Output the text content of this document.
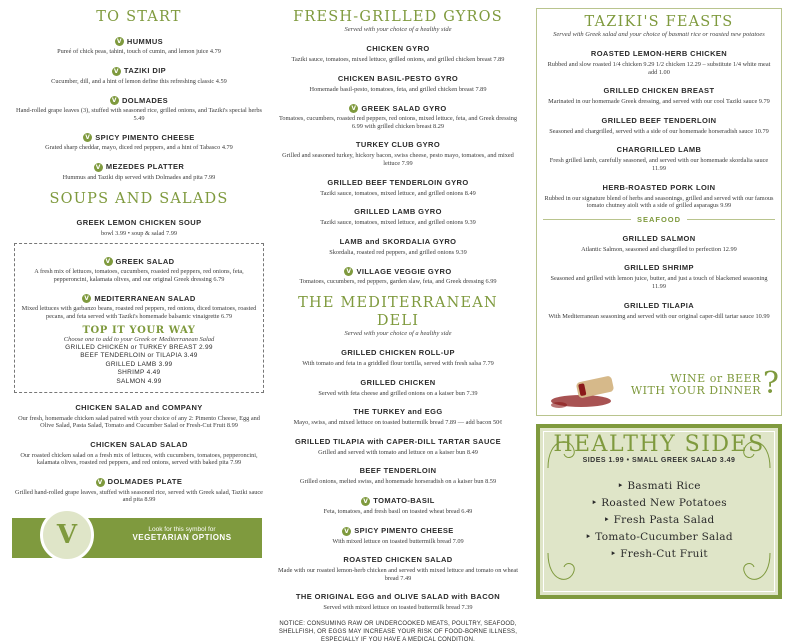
TO START
V HUMMUS
Pureé of chick peas, tahini, touch of cumin, and lemon juice 4.79
V TAZIKI DIP
Cucumber, dill, and a hint of lemon define this refreshing classic 4.59
V DOLMADES
Hand-rolled grape leaves (3), stuffed with seasoned rice, grilled onions, and Taziki's special herbs 5.49
V SPICY PIMENTO CHEESE
Grated sharp cheddar, mayo, diced red peppers, and a hint of Tabasco 4.79
V MEZEDES PLATTER
Hummus and Taziki dip served with Dolmades and pita 7.99
SOUPS AND SALADS
GREEK LEMON CHICKEN SOUP
bowl 3.99 • soup & salad 7.99
V GREEK SALAD
A fresh mix of lettuces, tomatoes, cucumbers, roasted red peppers, red onions, feta, pepperoncini, kalamata olives, and our original Greek dressing 6.79
V MEDITERRANEAN SALAD
Mixed lettuces with garbanzo beans, roasted red peppers, red onions, diced tomatoes, roasted pecans, and feta served with Taziki's homemade balsamic vinaigrette 6.79
TOP IT YOUR WAY
Choose one to add to your Greek or Mediterranean Salad
GRILLED CHICKEN or TURKEY BREAST 2.99
BEEF TENDERLOIN or TILAPIA 3.49
GRILLED LAMB 3.99
SHRIMP 4.49
SALMON 4.99
CHICKEN SALAD and COMPANY
Our fresh, homemade chicken salad paired with your choice of any 2: Pimento Cheese, Egg and Olive Salad, Pasta Salad, Tomato and Cucumber Salad or Fresh-Cut Fruit 8.99
CHICKEN SALAD SALAD
Our roasted chicken salad on a fresh mix of lettuces, with cucumbers, tomatoes, pepperoncini, kalamata olives, roasted red peppers, and red onions, served with baked pita 7.99
V DOLMADES PLATE
Grilled hand-rolled grape leaves, stuffed with seasoned rice, served with Greek salad, Taziki sauce and pita 8.99
V	Look for this symbol for
VEGETARIAN OPTIONS
FRESH-GRILLED GYROS
Served with your choice of a healthy side
CHICKEN GYRO
Taziki sauce, tomatoes, mixed lettuce, grilled onions, and grilled chicken breast 7.89
CHICKEN BASIL-PESTO GYRO
Homemade basil-pesto, tomatoes, feta, and grilled chicken breast 7.89
V GREEK SALAD GYRO
Tomatoes, cucumbers, roasted red peppers, red onions, mixed lettuce, feta, and Greek dressing 6.99 with grilled chicken breast 8.29
TURKEY CLUB GYRO
Grilled and seasoned turkey, hickory bacon, swiss cheese, pesto mayo, tomatoes, and mixed lettuce 7.99
GRILLED BEEF TENDERLOIN GYRO
Taziki sauce, tomatoes, mixed lettuce, and grilled onions 8.49
GRILLED LAMB GYRO
Taziki sauce, tomatoes, mixed lettuce, and grilled onions 9.39
LAMB and SKORDALIA GYRO
Skordalia, roasted red peppers, and grilled onions 9.39
V VILLAGE VEGGIE GYRO
Tomatoes, cucumbers, red peppers, garden slaw, feta, and Greek dressing 6.99
THE MEDITERRANEAN DELI
Served with your choice of a healthy side
GRILLED CHICKEN ROLL-UP
With tomato and feta in a griddled flour tortilla, served with fresh salsa 7.79
GRILLED CHICKEN
Served with feta cheese and grilled onions on a kaiser bun 7.39
THE TURKEY and EGG
Mayo, swiss, and mixed lettuce on toasted buttermilk bread 7.89 — add bacon 50¢
GRILLED TILAPIA with CAPER-DILL TARTAR SAUCE
Grilled and served with tomato and lettuce on a kaiser bun 8.49
BEEF TENDERLOIN
Grilled onions, melted swiss, and homemade horseradish on a kaiser bun 8.59
V TOMATO-BASIL
Feta, tomatoes, and fresh basil on toasted wheat bread 6.49
V SPICY PIMENTO CHEESE
With mixed lettuce on toasted buttermilk bread 7.09
ROASTED CHICKEN SALAD
Made with our roasted lemon-herb chicken and served with mixed lettuce and tomato on wheat bread 7.49
THE ORIGINAL EGG and OLIVE SALAD with BACON
Served with mixed lettuce on toasted buttermilk bread 7.39
NOTICE: CONSUMING RAW OR UNDERCOOKED MEATS, POULTRY, SEAFOOD, SHELLFISH, OR EGGS MAY INCREASE YOUR RISK OF FOOD-BORNE ILLNESS, ESPECIALLY IF YOU HAVE A MEDICAL CONDITION.
TAZIKI'S FEASTS
Served with Greek salad and your choice of basmati rice or roasted new potatoes
ROASTED LEMON-HERB CHICKEN
Rubbed and slow roasted 1/4 chicken 9.29 1/2 chicken 12.29 – substitute 1/4 white meat add 1.00
GRILLED CHICKEN BREAST
Marinated in our homemade Greek dressing, and served with our cool Taziki sauce 9.79
GRILLED BEEF TENDERLOIN
Seasoned and chargrilled, served with a side of our homemade horseradish sauce 10.79
CHARGRILLED LAMB
Fresh grilled lamb, carefully seasoned, and served with our homemade skordalia sauce 11.99
HERB-ROASTED PORK LOIN
Rubbed in our signature blend of herbs and seasonings, grilled and served with our famous tomato chutney aioli with a side of grilled asparagus 9.99
SEAFOOD
GRILLED SALMON
Atlantic Salmon, seasoned and chargrilled to perfection 12.99
GRILLED SHRIMP
Seasoned and grilled with lemon juice, butter, and just a touch of blackened seasoning 11.99
GRILLED TILAPIA
With Mediterranean seasoning and served with our original caper-dill tartar sauce 10.99
WINE or BEER
WITH YOUR DINNER ?
HEALTHY SIDES
SIDES 1.99 • SMALL GREEK SALAD 3.49
‣ Basmati Rice
‣ Roasted New Potatoes
‣ Fresh Pasta Salad
‣ Tomato-Cucumber Salad
‣ Fresh-Cut Fruit
